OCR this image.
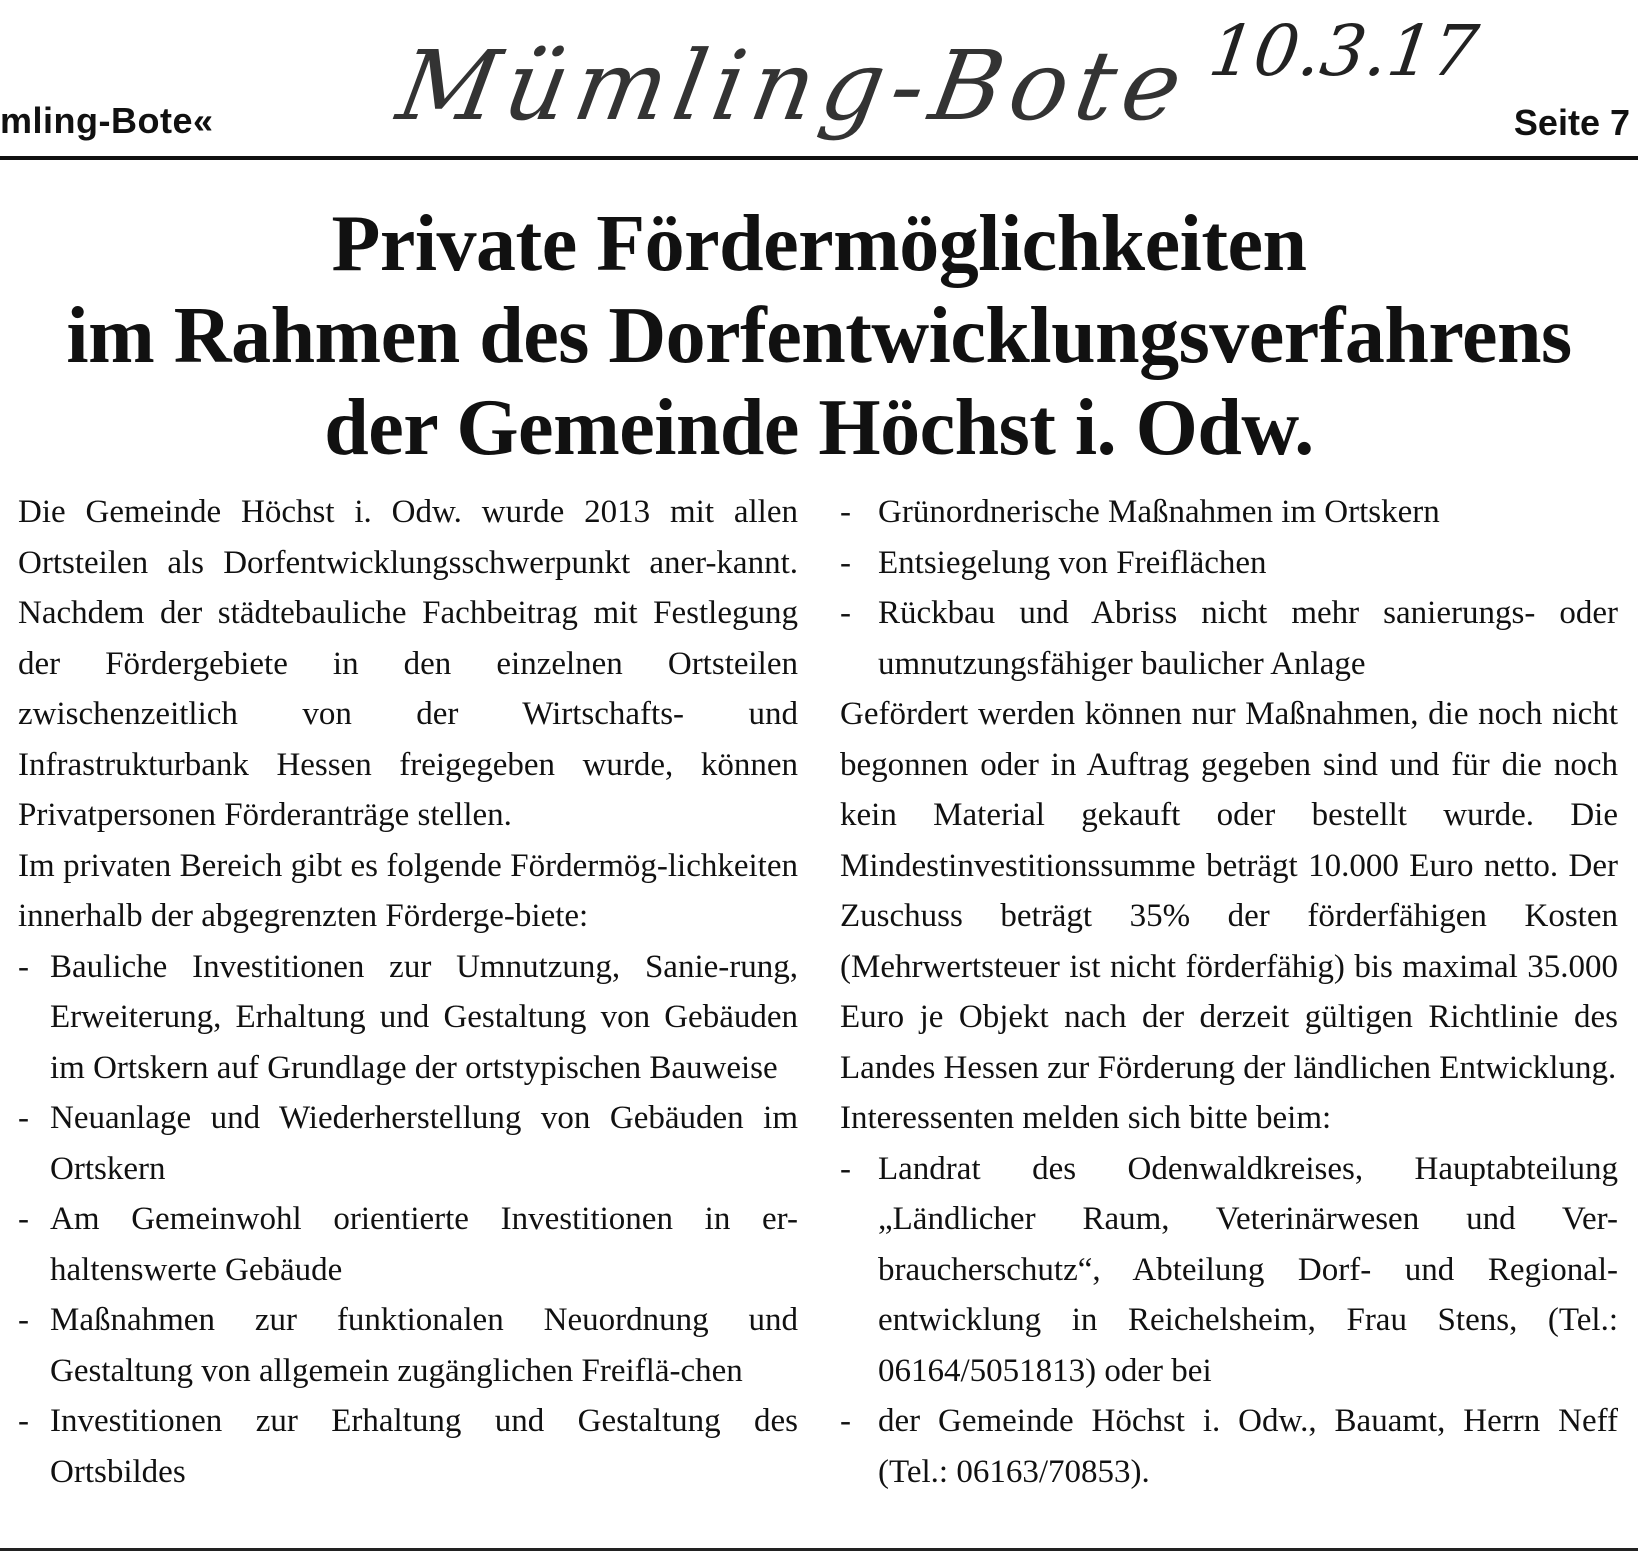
mling-Bote« Mümling-Bote 10.3.17
Seite 7
Private Fördermöglichkeiten
im Rahmen des Dorfentwicklungsverfahrens
der Gemeinde Höchst i. Odw.

Die Gemeinde Höchst i. Odw. wurde 2013 mit allen Ortsteilen als Dorfentwicklungsschwerpunkt aner-kannt. Nachdem der städtebauliche Fachbeitrag mit Festlegung der Fördergebiete in den einzelnen Ortsteilen zwischenzeitlich von der Wirtschafts- und Infrastrukturbank Hessen freigegeben wurde, können Privatpersonen Förderanträge stellen.

Im privaten Bereich gibt es folgende Fördermög-lichkeiten innerhalb der abgegrenzten Förderge-biete:

- Bauliche Investitionen zur Umnutzung, Sanie-rung, Erweiterung, Erhaltung und Gestaltung von Gebäuden im Ortskern auf Grundlage der ortstypischen Bauweise

- Neuanlage und Wiederherstellung von Gebäuden im Ortskern

- Am Gemeinwohl orientierte Investitionen in er-haltenswerte Gebäude

- Maßnahmen zur funktionalen Neuordnung und Gestaltung von allgemein zugänglichen Freiflä-chen

- Investitionen zur Erhaltung und Gestaltung des Ortsbildes

- Grünordnerische Maßnahmen im Ortskern

- Entsiegelung von Freiflächen

- Rückbau und Abriss nicht mehr sanierungs- oder umnutzungsfähiger baulicher Anlage

Gefördert werden können nur Maßnahmen, die noch nicht begonnen oder in Auftrag gegeben sind und für die noch kein Material gekauft oder bestellt wurde. Die Mindestinvestitionssumme beträgt 10.000 Euro netto. Der Zuschuss beträgt 35% der förderfähigen Kosten (Mehrwertsteuer ist nicht förderfähig) bis maximal 35.000 Euro je Objekt nach der derzeit gültigen Richtlinie des Landes Hessen zur Förderung der ländlichen Entwicklung.

Interessenten melden sich bitte beim:

- Landrat des Odenwaldkreises, Hauptabteilung „Ländlicher Raum, Veterinärwesen und Ver-braucherschutz“, Abteilung Dorf- und Regional-entwicklung in Reichelsheim, Frau Stens, (Tel.: 06164/5051813) oder bei

- der Gemeinde Höchst i. Odw., Bauamt, Herrn Neff (Tel.: 06163/70853).
